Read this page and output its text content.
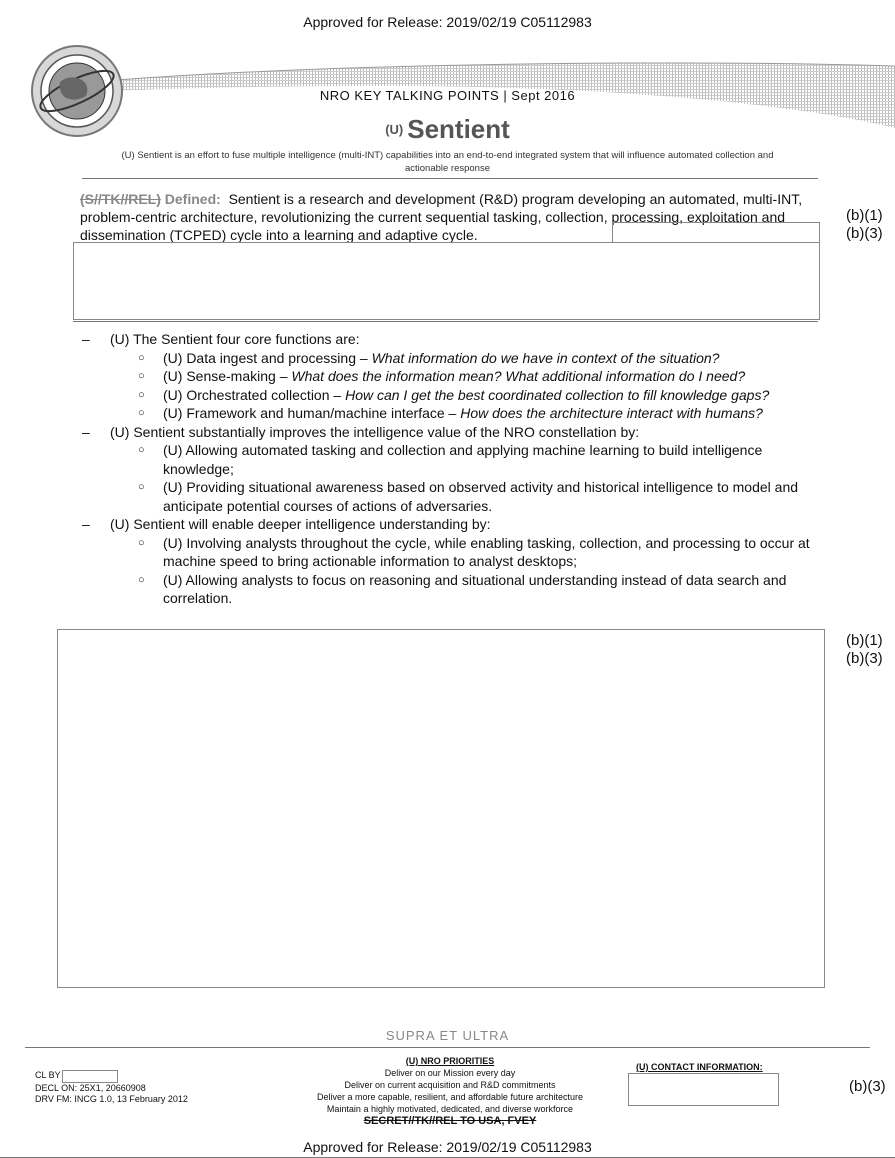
Approved for Release: 2019/02/19 C05112983
NRO KEY TALKING POINTS | Sept 2016
(U) Sentient
(U) Sentient is an effort to fuse multiple intelligence (multi-INT) capabilities into an end-to-end integrated system that will influence automated collection and actionable response
(S//TK//REL) Defined: Sentient is a research and development (R&D) program developing an automated, multi-INT, problem-centric architecture, revolutionizing the current sequential tasking, collection, processing, exploitation and dissemination (TCPED) cycle into a learning and adaptive cycle.
(b)(1)
(b)(3)
– (U) The Sentient four core functions are:
○ (U) Data ingest and processing – What information do we have in context of the situation?
○ (U) Sense-making – What does the information mean? What additional information do I need?
○ (U) Orchestrated collection – How can I get the best coordinated collection to fill knowledge gaps?
○ (U) Framework and human/machine interface – How does the architecture interact with humans?
– (U) Sentient substantially improves the intelligence value of the NRO constellation by:
○ (U) Allowing automated tasking and collection and applying machine learning to build intelligence knowledge;
○ (U) Providing situational awareness based on observed activity and historical intelligence to model and anticipate potential courses of actions of adversaries.
– (U) Sentient will enable deeper intelligence understanding by:
○ (U) Involving analysts throughout the cycle, while enabling tasking, collection, and processing to occur at machine speed to bring actionable information to analyst desktops;
○ (U) Allowing analysts to focus on reasoning and situational understanding instead of data search and correlation.
(b)(1)
(b)(3)
SUPRA ET ULTRA
CL BY
DECL ON: 25X1, 20660908
DRV FM: INCG 1.0, 13 February 2012
(U) NRO PRIORITIES
Deliver on our Mission every day
Deliver on current acquisition and R&D commitments
Deliver a more capable, resilient, and affordable future architecture
Maintain a highly motivated, dedicated, and diverse workforce
SECRET//TK//REL TO USA, FVEY
(U) CONTACT INFORMATION:
(b)(3)
Approved for Release: 2019/02/19 C05112983
